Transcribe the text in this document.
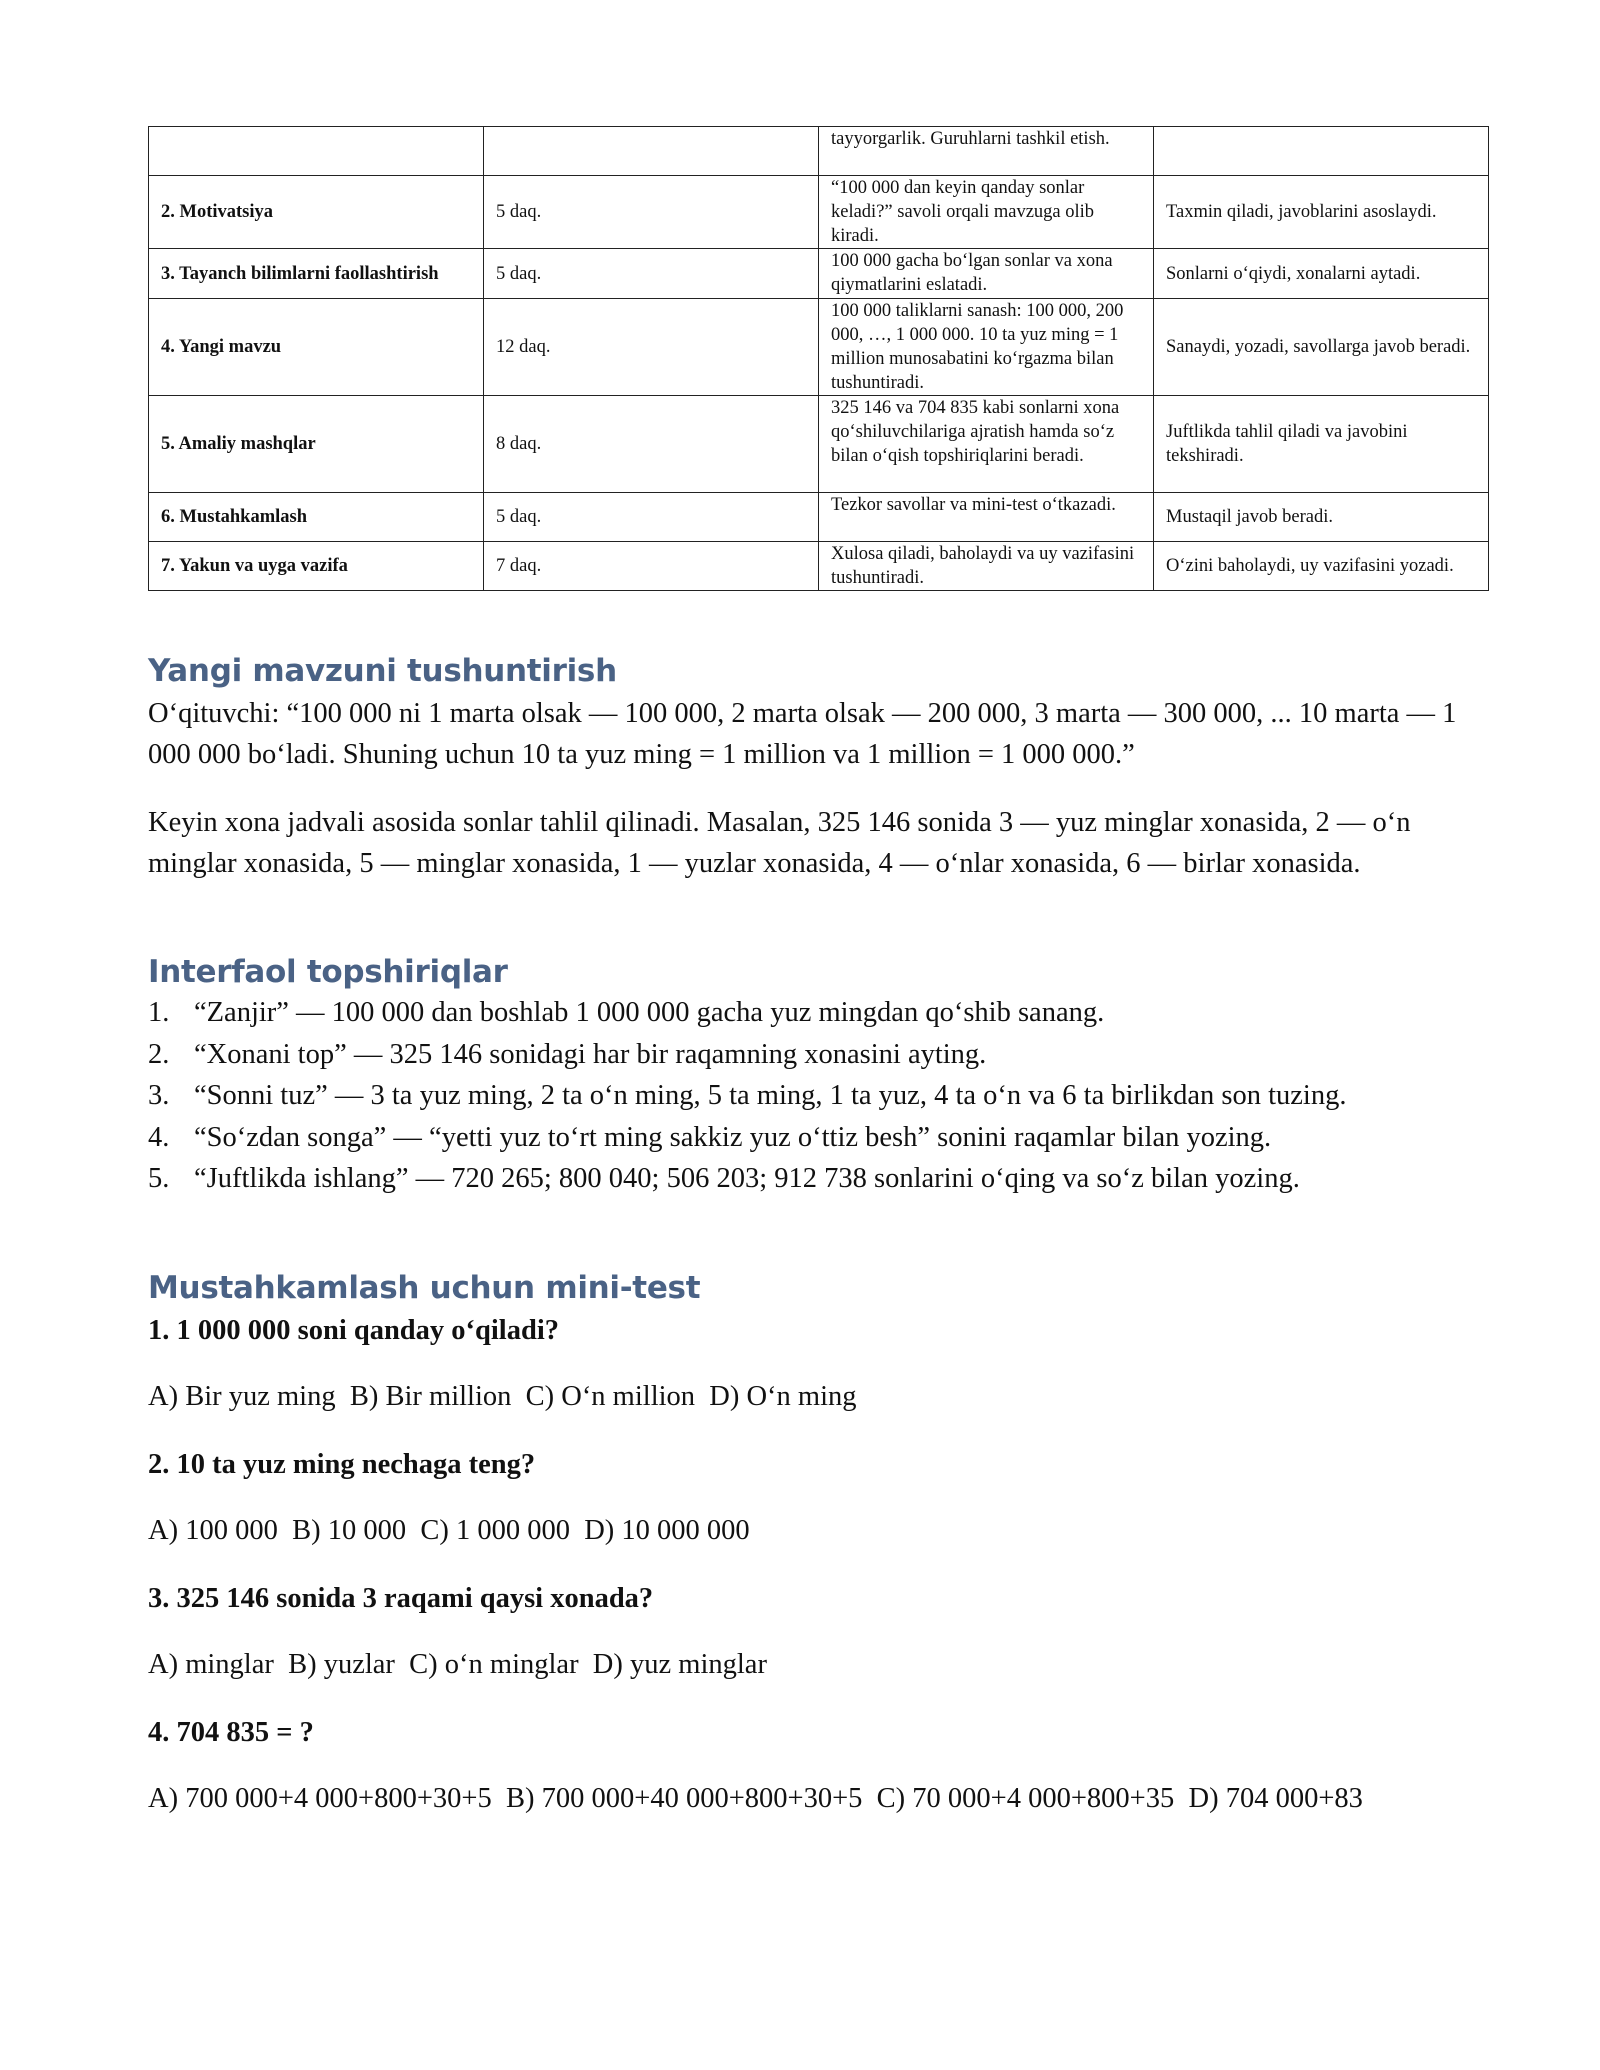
		tayyorgarlik. Guruhlarni tashkil etish.	
2. Motivatsiya	5 daq.	“100 000 dan keyin qanday sonlar keladi?” savoli orqali mavzuga olib kiradi.	Taxmin qiladi, javoblarini asoslaydi.
3. Tayanch bilimlarni faollashtirish	5 daq.	100 000 gacha bo‘lgan sonlar va xona qiymatlarini eslatadi.	Sonlarni o‘qiydi, xonalarni aytadi.
4. Yangi mavzu	12 daq.	100 000 taliklarni sanash: 100 000, 200 000, …, 1 000 000. 10 ta yuz ming = 1 million munosabatini ko‘rgazma bilan tushuntiradi.	Sanaydi, yozadi, savollarga javob beradi.
5. Amaliy mashqlar	8 daq.	325 146 va 704 835 kabi sonlarni xona qo‘shiluvchilariga ajratish hamda so‘z bilan o‘qish topshiriqlarini beradi.	Juftlikda tahlil qiladi va javobini tekshiradi.
6. Mustahkamlash	5 daq.	Tezkor savollar va mini-test o‘tkazadi.	Mustaqil javob beradi.
7. Yakun va uyga vazifa	7 daq.	Xulosa qiladi, baholaydi va uy vazifasini tushuntiradi.	O‘zini baholaydi, uy vazifasini yozadi.
Yangi mavzuni tushuntirish

O‘qituvchi: “100 000 ni 1 marta olsak — 100 000, 2 marta olsak — 200 000, 3 marta — 300 000, ... 10 marta — 1 000 000 bo‘ladi. Shuning uchun 10 ta yuz ming = 1 million va 1 million = 1 000 000.”

Keyin xona jadvali asosida sonlar tahlil qilinadi. Masalan, 325 146 sonida 3 — yuz minglar xonasida, 2 — o‘n minglar xonasida, 5 — minglar xonasida, 1 — yuzlar xonasida, 4 — o‘nlar xonasida, 6 — birlar xonasida.

Interfaol topshiriqlar
1. “Zanjir” — 100 000 dan boshlab 1 000 000 gacha yuz mingdan qo‘shib sanang.
2. “Xonani top” — 325 146 sonidagi har bir raqamning xonasini ayting.
3. “Sonni tuz” — 3 ta yuz ming, 2 ta o‘n ming, 5 ta ming, 1 ta yuz, 4 ta o‘n va 6 ta birlikdan son tuzing.
4. “So‘zdan songa” — “yetti yuz to‘rt ming sakkiz yuz o‘ttiz besh” sonini raqamlar bilan yozing.
5. “Juftlikda ishlang” — 720 265; 800 040; 506 203; 912 738 sonlarini o‘qing va so‘z bilan yozing.
Mustahkamlash uchun mini-test

1. 1 000 000 soni qanday o‘qiladi?

A) Bir yuz ming  B) Bir million  C) O‘n million  D) O‘n ming

2. 10 ta yuz ming nechaga teng?

A) 100 000  B) 10 000  C) 1 000 000  D) 10 000 000

3. 325 146 sonida 3 raqami qaysi xonada?

A) minglar  B) yuzlar  C) o‘n minglar  D) yuz minglar

4. 704 835 = ?

A) 700 000+4 000+800+30+5  B) 700 000+40 000+800+30+5  C) 70 000+4 000+800+35  D) 704 000+83
